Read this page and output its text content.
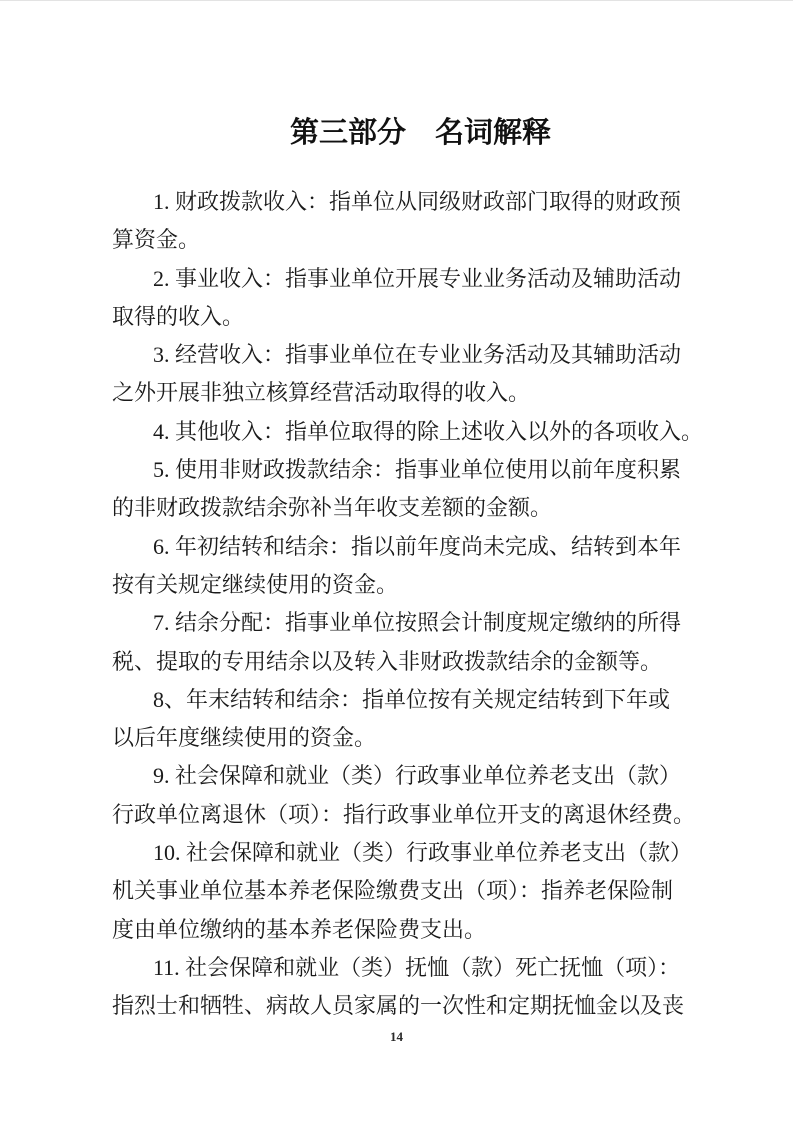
第三部分　名词解释

1. 财政拨款收入：指单位从同级财政部门取得的财政预
算资金。

2. 事业收入：指事业单位开展专业业务活动及辅助活动
取得的收入。

3. 经营收入：指事业单位在专业业务活动及其辅助活动
之外开展非独立核算经营活动取得的收入。

4. 其他收入：指单位取得的除上述收入以外的各项收入。

5. 使用非财政拨款结余：指事业单位使用以前年度积累
的非财政拨款结余弥补当年收支差额的金额。

6. 年初结转和结余：指以前年度尚未完成、结转到本年
按有关规定继续使用的资金。

7. 结余分配：指事业单位按照会计制度规定缴纳的所得
税、提取的专用结余以及转入非财政拨款结余的金额等。

8、年末结转和结余：指单位按有关规定结转到下年或
以后年度继续使用的资金。

9. 社会保障和就业（类）行政事业单位养老支出（款）
行政单位离退休（项）：指行政事业单位开支的离退休经费。

10. 社会保障和就业（类）行政事业单位养老支出（款）
机关事业单位基本养老保险缴费支出（项）：指养老保险制
度由单位缴纳的基本养老保险费支出。

11. 社会保障和就业（类）抚恤（款）死亡抚恤（项）：
指烈士和牺牲、病故人员家属的一次性和定期抚恤金以及丧

14
